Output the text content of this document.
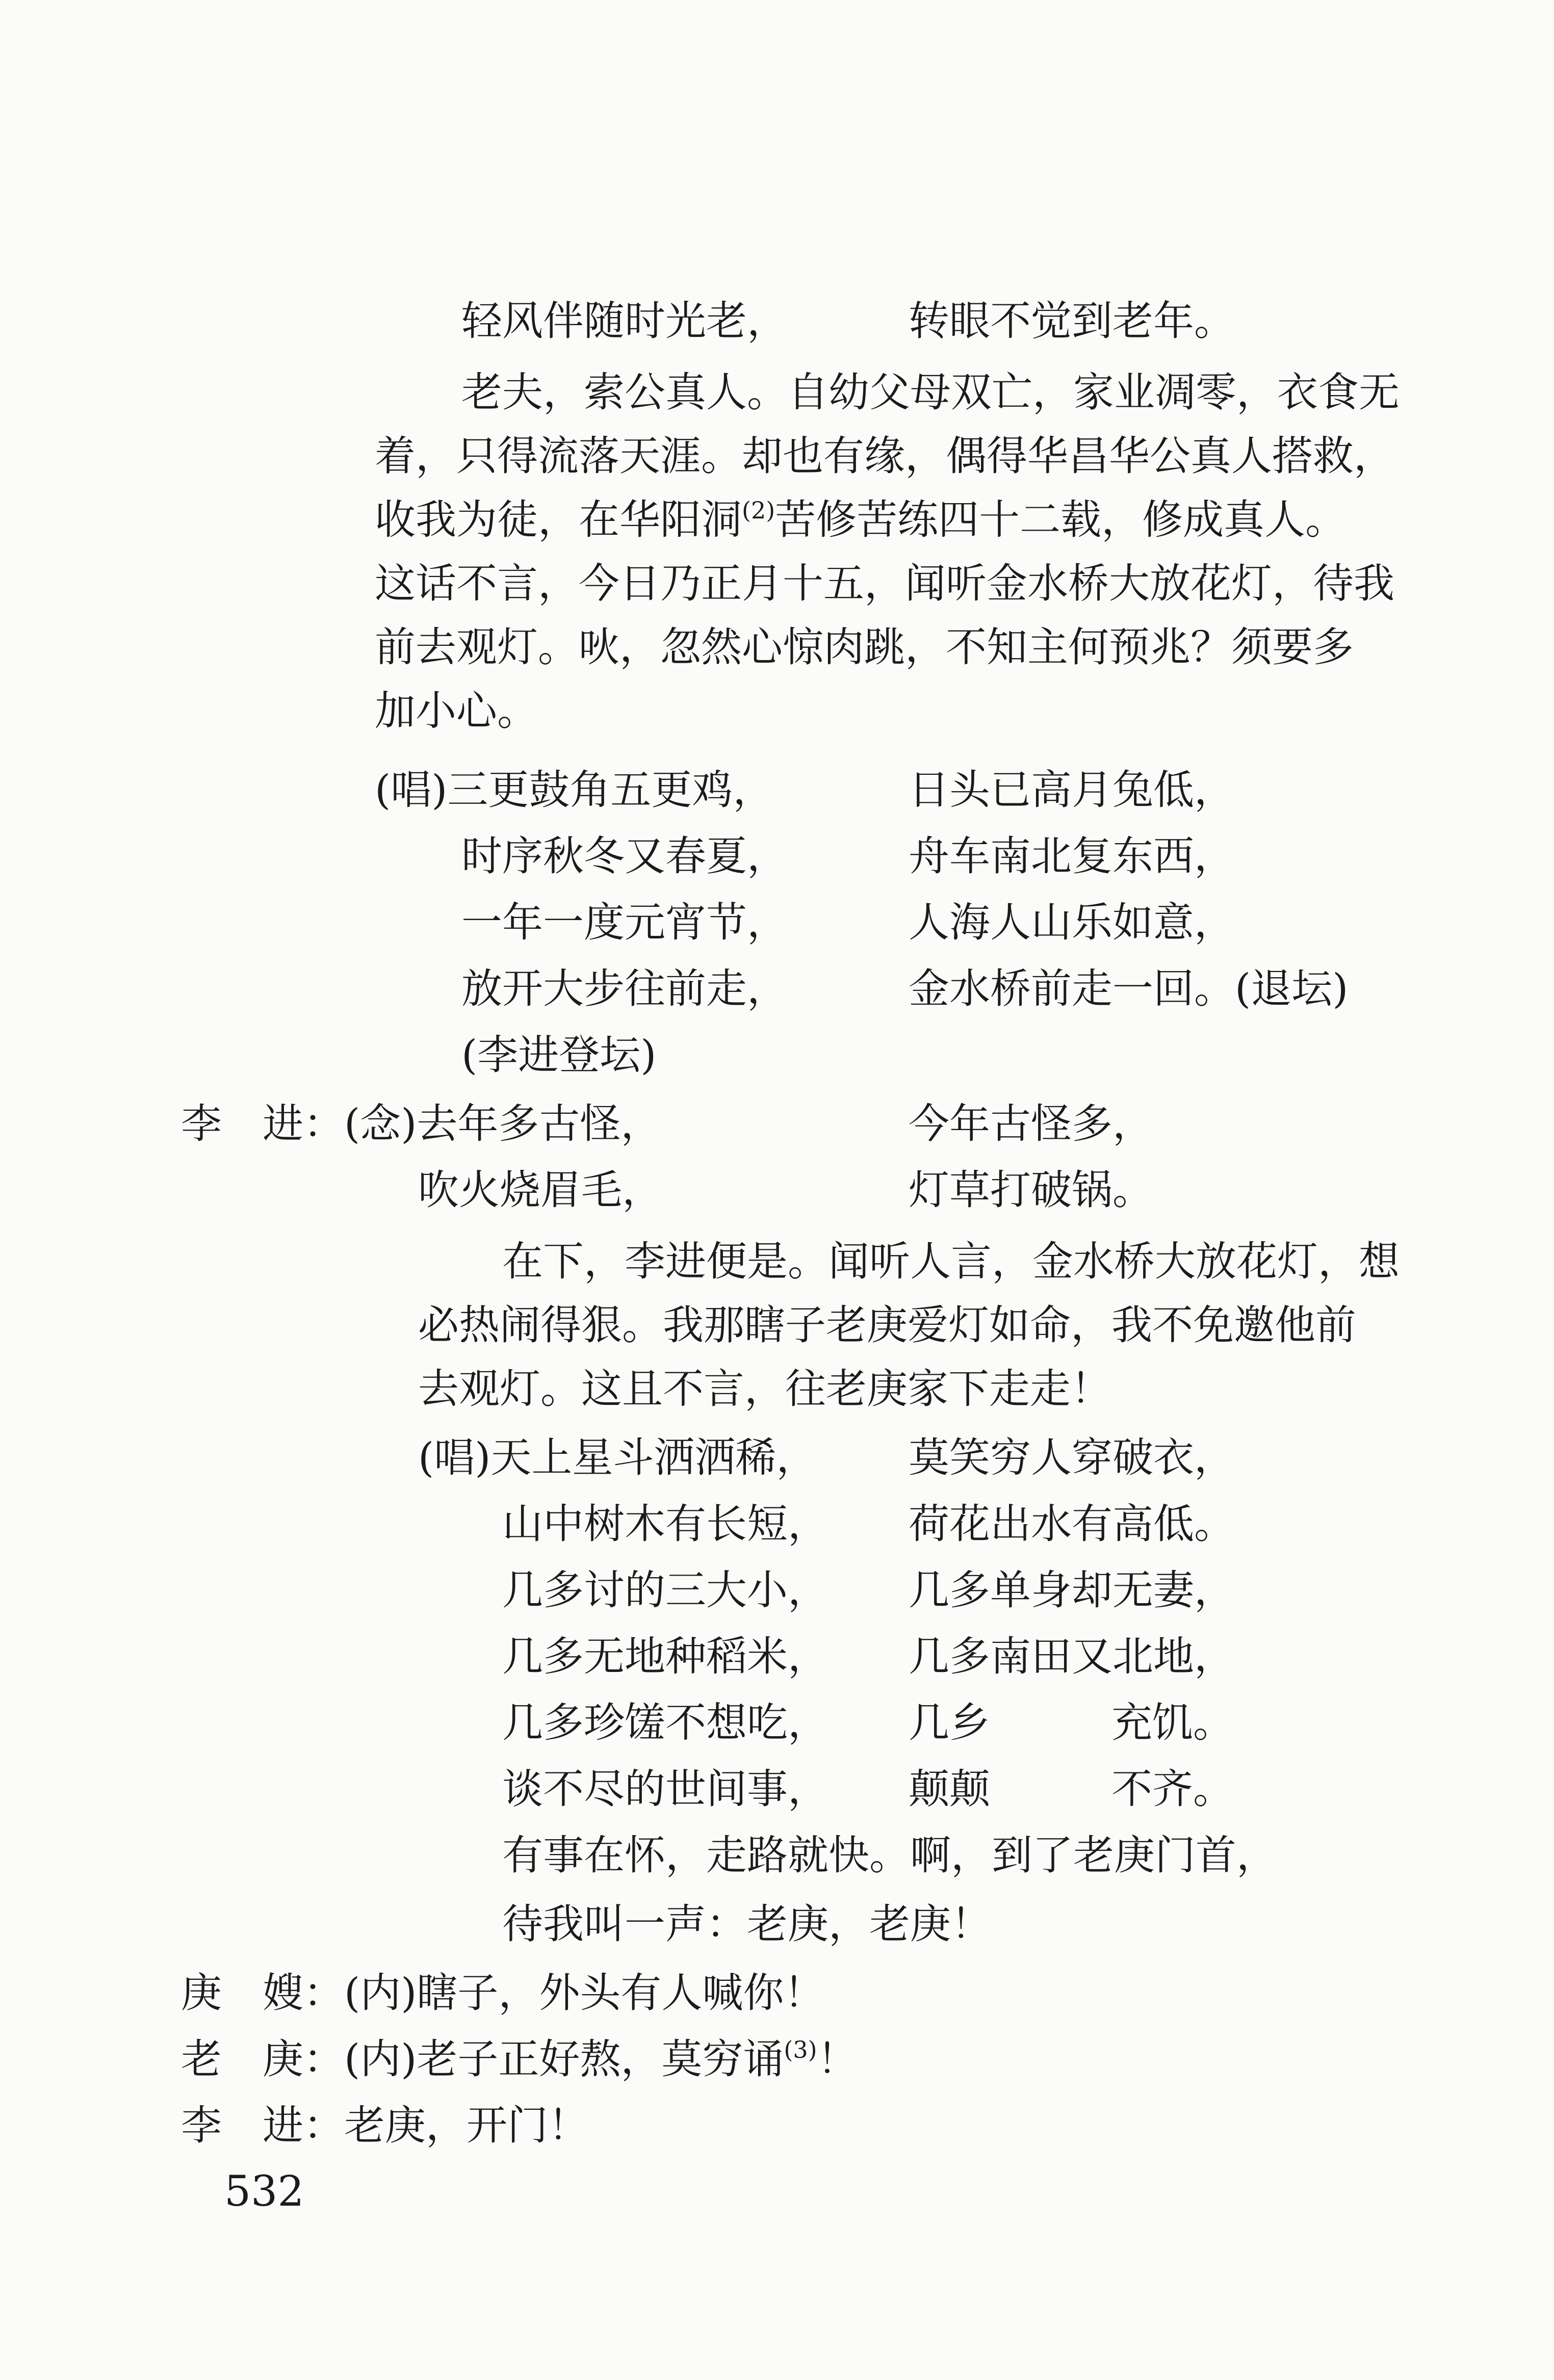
轻风伴随时光老，	转眼不觉到老年。
老夫，索公真人。自幼父母双亡，家业凋零，衣食无
着，只得流落天涯。却也有缘，偶得华昌华公真人搭救，
收我为徒，在华阳洞$^{(2)}$苦修苦练四十二载，修成真人。
这话不言，今日乃正月十五，闻听金水桥大放花灯，待我
前去观灯。吙，忽然心惊肉跳，不知主何预兆？须要多
加小心。
(唱)三更鼓角五更鸡，	日头已高月兔低，
时序秋冬又春夏，	舟车南北复东西，
一年一度元宵节，	人海人山乐如意，
放开大步往前走，	金水桥前走一回。(退坛)
(李进登坛)
李　进：(念)去年多古怪，	今年古怪多，
吹火烧眉毛，	灯草打破锅。
在下，李进便是。闻听人言，金水桥大放花灯，想
必热闹得狠。我那瞎子老庚爱灯如命，我不免邀他前
去观灯。这且不言，往老庚家下走走！
(唱)天上星斗洒洒稀， 莫笑穷人穿破衣，
山中树木有长短， 荷花出水有高低。
几多讨的三大小， 几多单身却无妻，
几多无地种稻米， 几多南田又北地，
几多珍馐不想吃， 几乡	充饥。
谈不尽的世间事， 颠颠	不齐。
有事在怀，走路就快。啊，到了老庚门首，
待我叫一声：老庚，老庚！
庚　嫂：(内)瞎子，外头有人喊你！
老　庚：(内)老子正好熬，莫穷诵$^{(3)}$！
李　进：老庚，开门！
532
